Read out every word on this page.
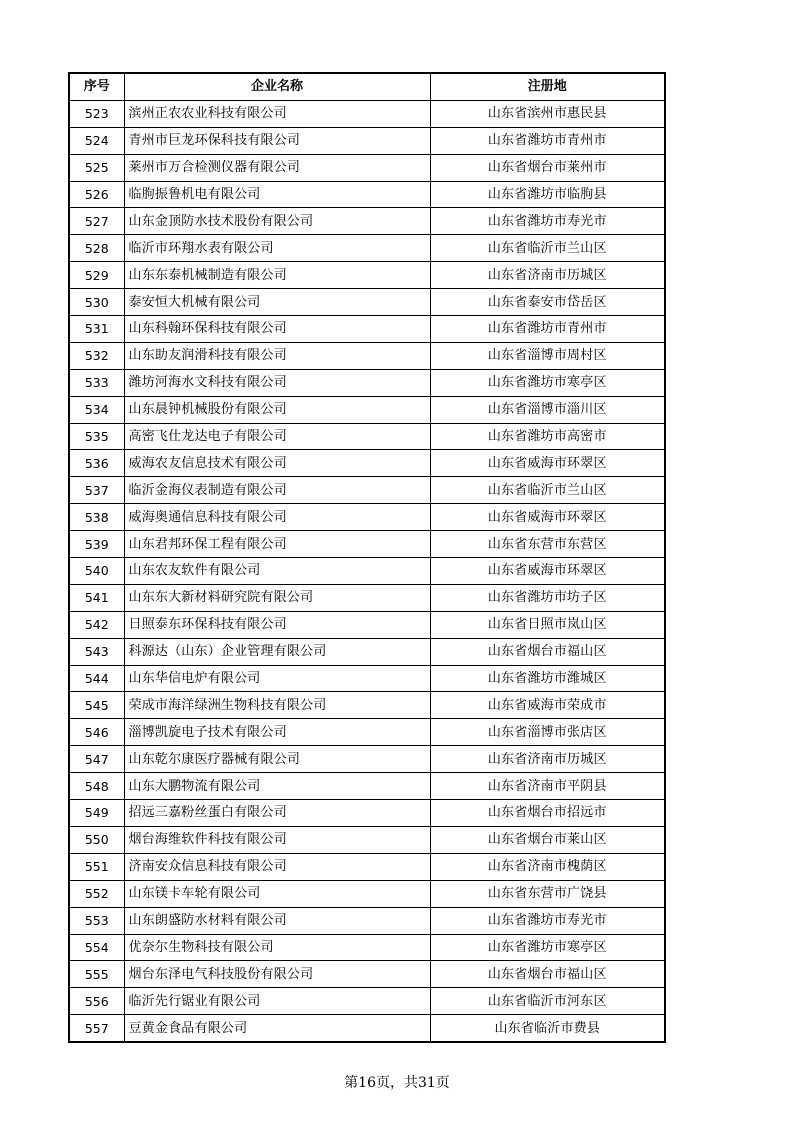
序号	企业名称	注册地
523	滨州正农农业科技有限公司	山东省滨州市惠民县
524	青州市巨龙环保科技有限公司	山东省潍坊市青州市
525	莱州市万合检测仪器有限公司	山东省烟台市莱州市
526	临朐振鲁机电有限公司	山东省潍坊市临朐县
527	山东金顶防水技术股份有限公司	山东省潍坊市寿光市
528	临沂市环翔水表有限公司	山东省临沂市兰山区
529	山东东泰机械制造有限公司	山东省济南市历城区
530	泰安恒大机械有限公司	山东省泰安市岱岳区
531	山东科翰环保科技有限公司	山东省潍坊市青州市
532	山东助友润滑科技有限公司	山东省淄博市周村区
533	潍坊河海水文科技有限公司	山东省潍坊市寒亭区
534	山东晨钟机械股份有限公司	山东省淄博市淄川区
535	高密飞仕龙达电子有限公司	山东省潍坊市高密市
536	威海农友信息技术有限公司	山东省威海市环翠区
537	临沂金海仪表制造有限公司	山东省临沂市兰山区
538	威海奥通信息科技有限公司	山东省威海市环翠区
539	山东君邦环保工程有限公司	山东省东营市东营区
540	山东农友软件有限公司	山东省威海市环翠区
541	山东东大新材料研究院有限公司	山东省潍坊市坊子区
542	日照泰东环保科技有限公司	山东省日照市岚山区
543	科源达（山东）企业管理有限公司	山东省烟台市福山区
544	山东华信电炉有限公司	山东省潍坊市潍城区
545	荣成市海洋绿洲生物科技有限公司	山东省威海市荣成市
546	淄博凯旋电子技术有限公司	山东省淄博市张店区
547	山东乾尔康医疗器械有限公司	山东省济南市历城区
548	山东大鹏物流有限公司	山东省济南市平阴县
549	招远三嘉粉丝蛋白有限公司	山东省烟台市招远市
550	烟台海维软件科技有限公司	山东省烟台市莱山区
551	济南安众信息科技有限公司	山东省济南市槐荫区
552	山东镁卡车轮有限公司	山东省东营市广饶县
553	山东朗盛防水材料有限公司	山东省潍坊市寿光市
554	优奈尔生物科技有限公司	山东省潍坊市寒亭区
555	烟台东泽电气科技股份有限公司	山东省烟台市福山区
556	临沂先行锯业有限公司	山东省临沂市河东区
557	豆黄金食品有限公司	山东省临沂市费县
第16页，共31页
